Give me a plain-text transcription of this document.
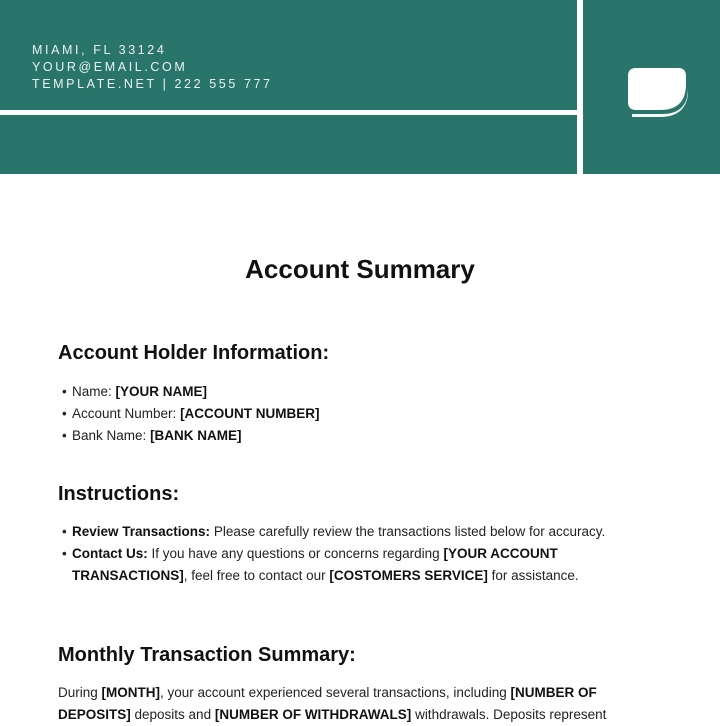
MIAMI, FL 33124
YOUR@EMAIL.COM
TEMPLATE.NET | 222 555 777
Account Summary
Account Holder Information:
• Name: [YOUR NAME]
• Account Number: [ACCOUNT NUMBER]
• Bank Name: [BANK NAME]
Instructions:
• Review Transactions: Please carefully review the transactions listed below for accuracy.
• Contact Us: If you have any questions or concerns regarding [YOUR ACCOUNT TRANSACTIONS], feel free to contact our [COSTOMERS SERVICE] for assistance.
Monthly Transaction Summary:
During [MONTH], your account experienced several transactions, including [NUMBER OF DEPOSITS] deposits and [NUMBER OF WITHDRAWALS] withdrawals. Deposits represent
